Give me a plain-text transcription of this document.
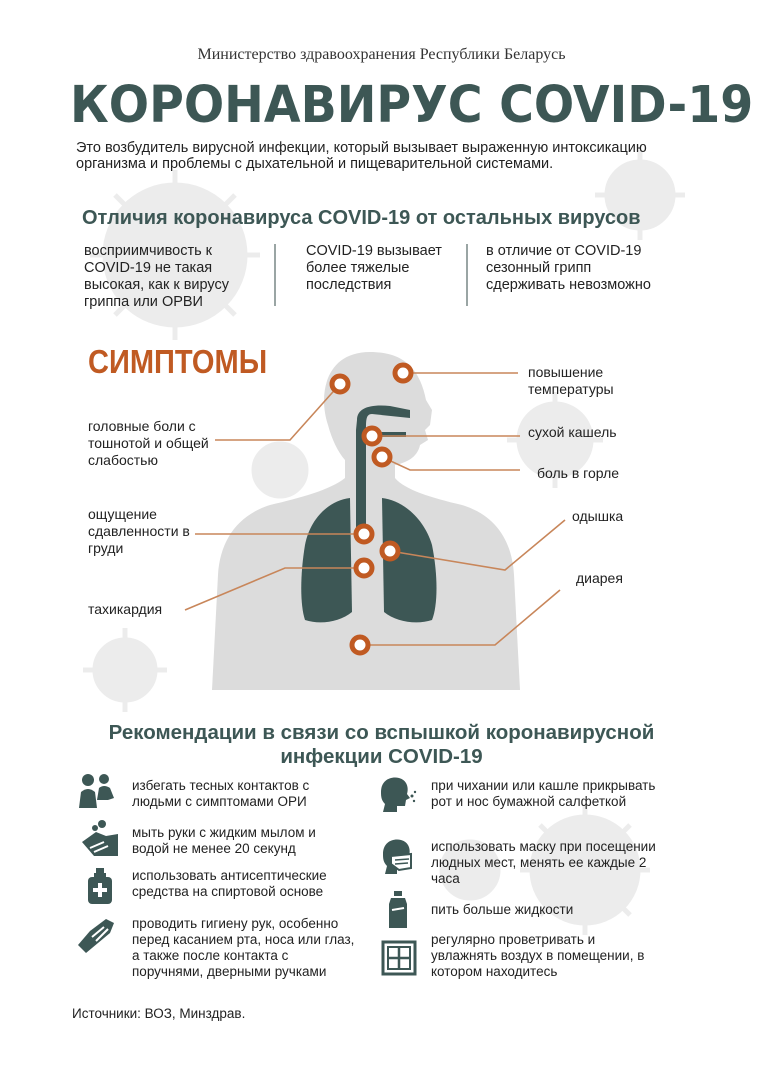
Министерство здравоохранения Республики Беларусь
КОРОНАВИРУС COVID-19
Это возбудитель вирусной инфекции, который вызывает выраженную интоксикацию организма и проблемы с дыхательной и пищеварительной системами.
Отличия коронавируса COVID-19 от остальных вирусов
восприимчивость к COVID-19 не такая высокая, как к вирусу гриппа или ОРВИ
COVID-19 вызывает более тяжелые последствия
в отличие от COVID-19 сезонный грипп сдерживать невозможно
СИМПТОМЫ	повышение температуры
головные боли с тошнотой и общей слабостью
сухой кашель
боль в горле
одышка
ощущение сдавленности в груди
диарея
тахикардия
Рекомендации в связи со вспышкой коронавирусной
инфекции COVID-19
избегать тесных контактов с людьми с симптомами ОРИ
мыть руки с жидким мылом и водой не менее 20 секунд
использовать антисептические средства на спиртовой основе
проводить гигиену рук, особенно перед касанием рта, носа или глаз, а также после контакта с поручнями, дверными ручками
при чихании или кашле прикрывать рот и нос бумажной салфеткой
использовать маску при посещении людных мест, менять ее каждые 2 часа
пить больше жидкости
регулярно проветривать и увлажнять воздух в помещении, в котором находитесь
Источники: ВОЗ, Минздрав.
